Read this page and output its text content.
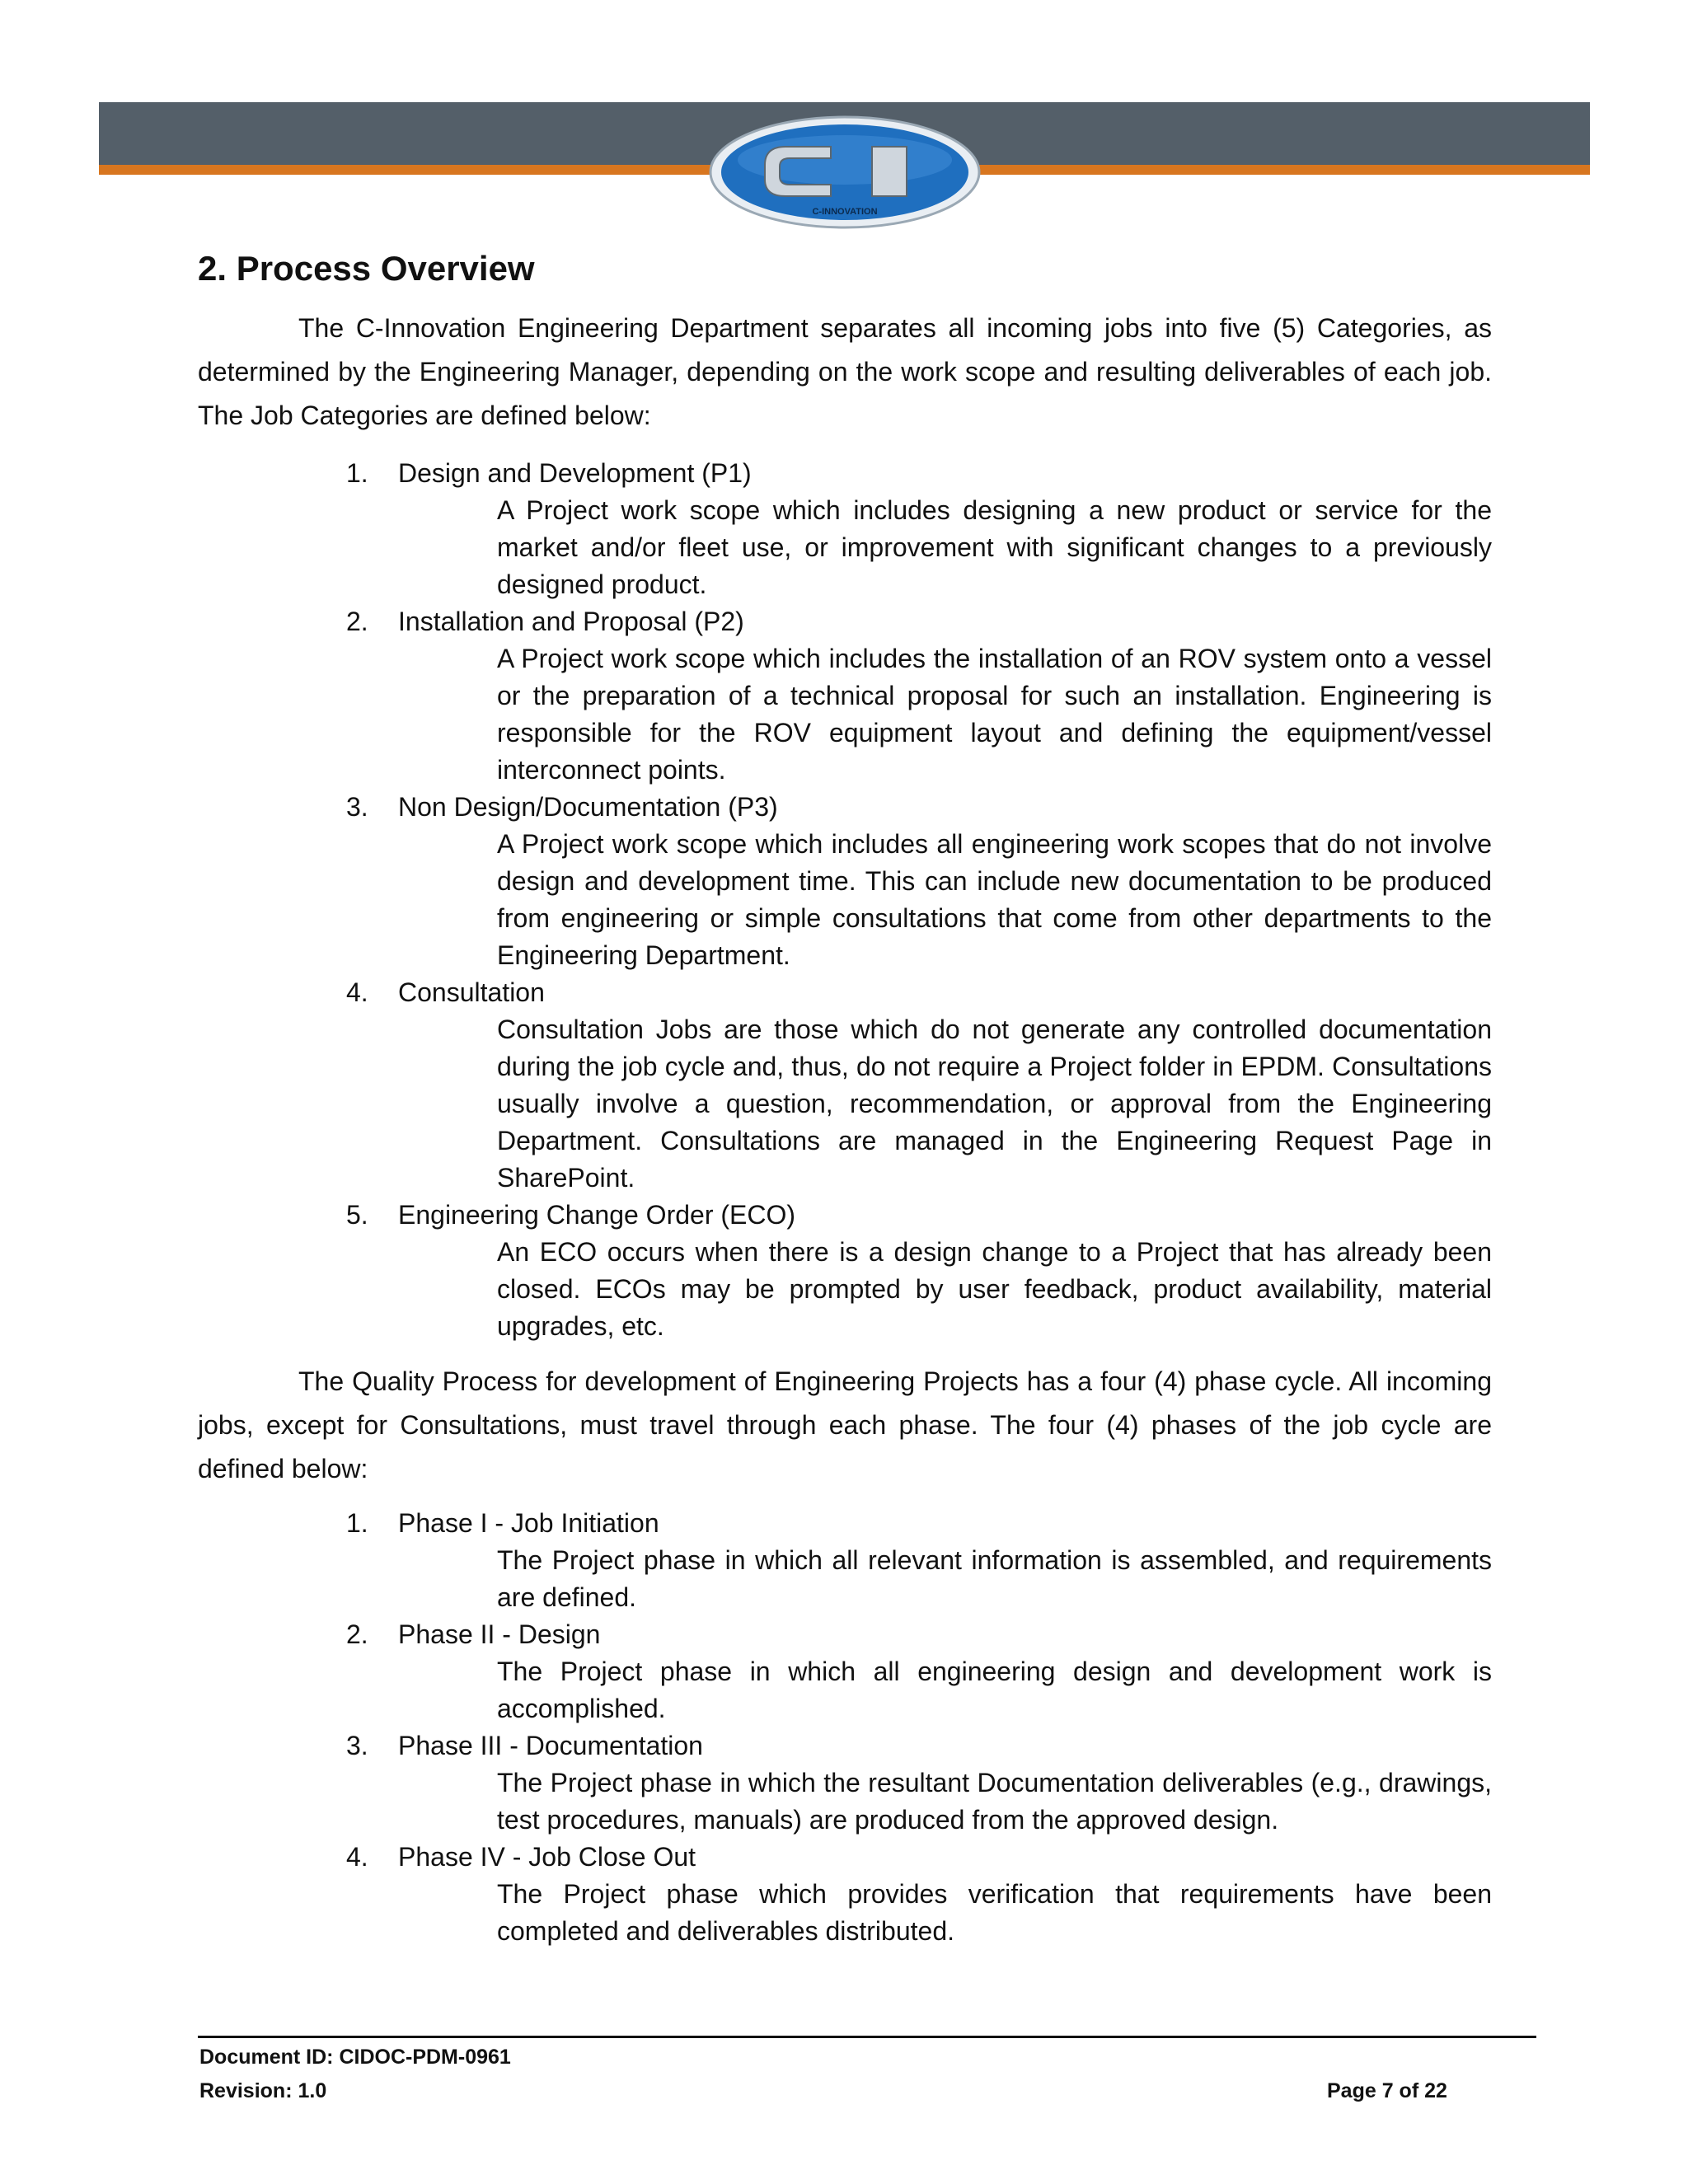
C-INNOVATION
2. Process Overview

The C-Innovation Engineering Department separates all incoming jobs into five (5) Categories, as determined by the Engineering Manager, depending on the work scope and resulting deliverables of each job. The Job Categories are defined below:

1. Design and Development (P1)
A Project work scope which includes designing a new product or service for the market and/or fleet use, or improvement with significant changes to a previously designed product.
2. Installation and Proposal (P2)
A Project work scope which includes the installation of an ROV system onto a vessel or the preparation of a technical proposal for such an installation. Engineering is responsible for the ROV equipment layout and defining the equipment/vessel interconnect points.
3. Non Design/Documentation (P3)
A Project work scope which includes all engineering work scopes that do not involve design and development time. This can include new documentation to be produced from engineering or simple consultations that come from other departments to the Engineering Department.
4. Consultation
Consultation Jobs are those which do not generate any controlled documentation during the job cycle and, thus, do not require a Project folder in EPDM. Consultations usually involve a question, recommendation, or approval from the Engineering Department. Consultations are managed in the Engineering Request Page in SharePoint.
5. Engineering Change Order (ECO)
An ECO occurs when there is a design change to a Project that has already been closed. ECOs may be prompted by user feedback, product availability, material upgrades, etc.

The Quality Process for development of Engineering Projects has a four (4) phase cycle. All incoming jobs, except for Consultations, must travel through each phase. The four (4) phases of the job cycle are defined below:

1. Phase I - Job Initiation
The Project phase in which all relevant information is assembled, and requirements are defined.
2. Phase II - Design
The Project phase in which all engineering design and development work is accomplished.
3. Phase III - Documentation
The Project phase in which the resultant Documentation deliverables (e.g., drawings, test procedures, manuals) are produced from the approved design.
4. Phase IV - Job Close Out
The Project phase which provides verification that requirements have been completed and deliverables distributed.
Document ID: CIDOC-PDM-0961
Revision: 1.0	Page 7 of 22
